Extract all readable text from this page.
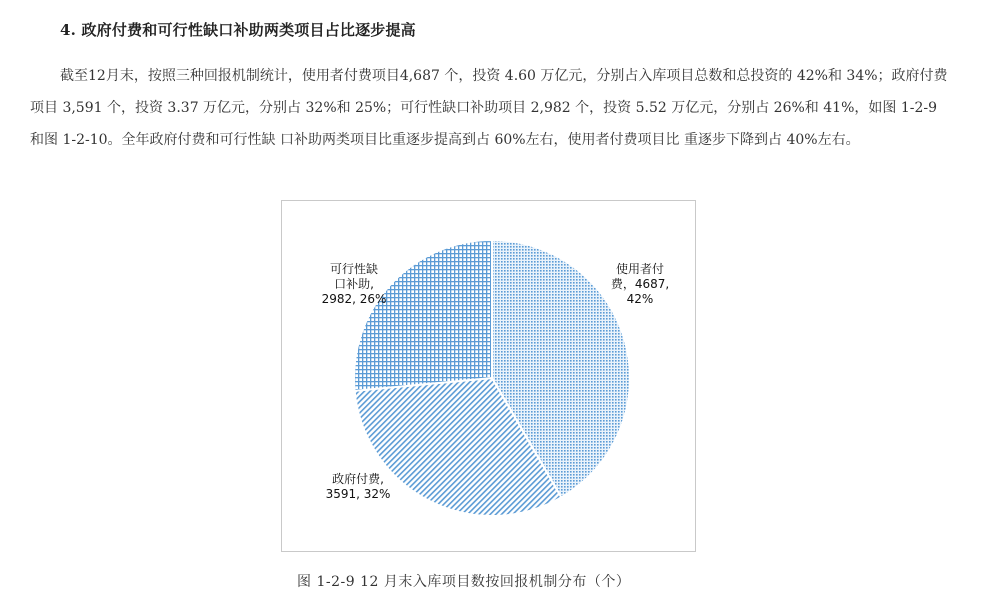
4. 政府付费和可行性缺口补助两类项目占比逐步提高

截至12月末，按照三种回报机制统计，使用者付费项目4,687 个，投资 4.60 万亿元，分别占入库项目总数和总投资的 42%和 34%；政府付费项目 3,591 个，投资 3.37 万亿元，分别占 32%和 25%；可行性缺口补助项目 2,982 个，投资 5.52 万亿元，分别占 26%和 41%，如图 1-2-9 和图 1-2-10。全年政府付费和可行性缺 口补助两类项目比重逐步提高到占 60%左右，使用者付费项目比 重逐步下降到占 40%左右。

使用者付费，4687, 42%
政府付费, 3591, 32%
可行性缺口补助, 2982, 26%

图 1-2-9 12 月末入库项目数按回报机制分布（个）
